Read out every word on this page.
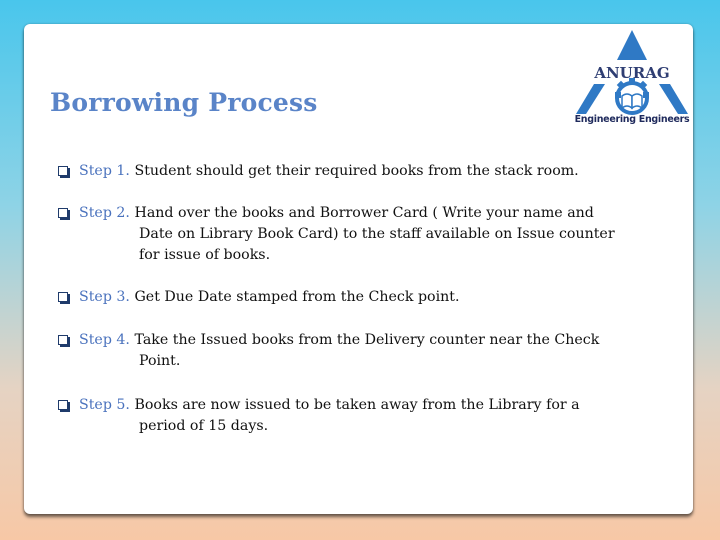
Borrowing Process
ANURAG
Engineering Engineers
Step 1. Student should get their required books from the stack room.
Step 2. Hand over the books and Borrower Card ( Write your name and
Date on Library Book Card) to the staff available on Issue counter
for issue of books.
Step 3. Get Due Date stamped from the Check point.
Step 4. Take the Issued books from the Delivery counter near the Check
Point.
Step 5. Books are now issued to be taken away from the Library for a
period of 15 days.
